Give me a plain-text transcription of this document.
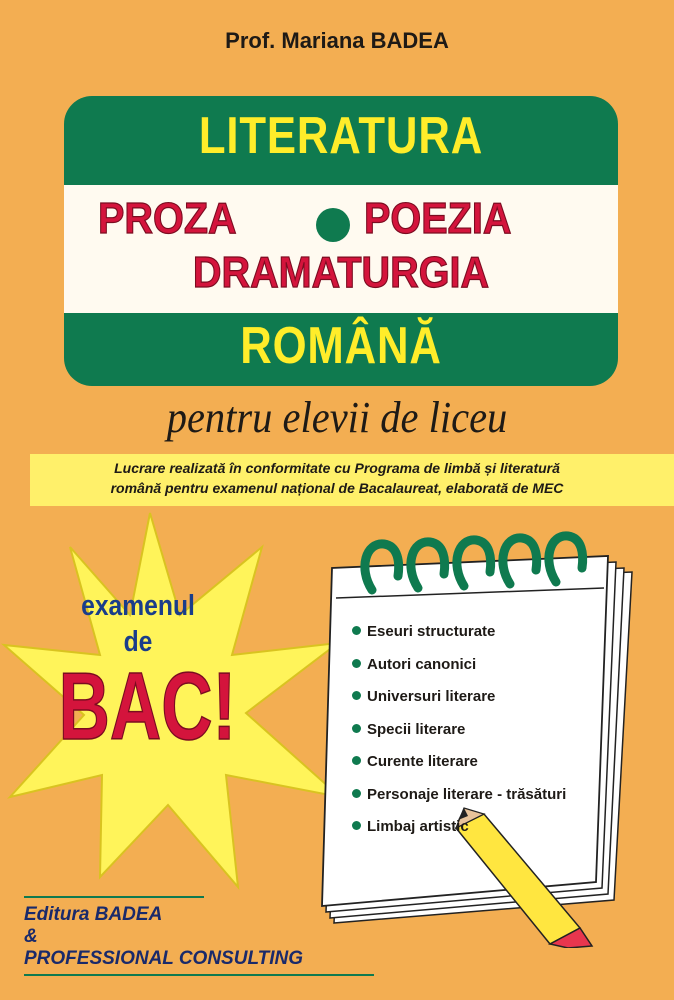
Prof. Mariana BADEA
LITERATURA
PROZA	POEZIA
DRAMATURGIA
ROMÂNĂ
pentru elevii de liceu
Lucrare realizată în conformitate cu Programa de limbă și literatură
română pentru examenul național de Bacalaureat, elaborată de MEC
examenul
de
BAC!
Eseuri structurate
Autori canonici
Universuri literare
Specii literare
Curente literare
Personaje literare - trăsături
Limbaj artistic
Editura BADEA
&
PROFESSIONAL CONSULTING
